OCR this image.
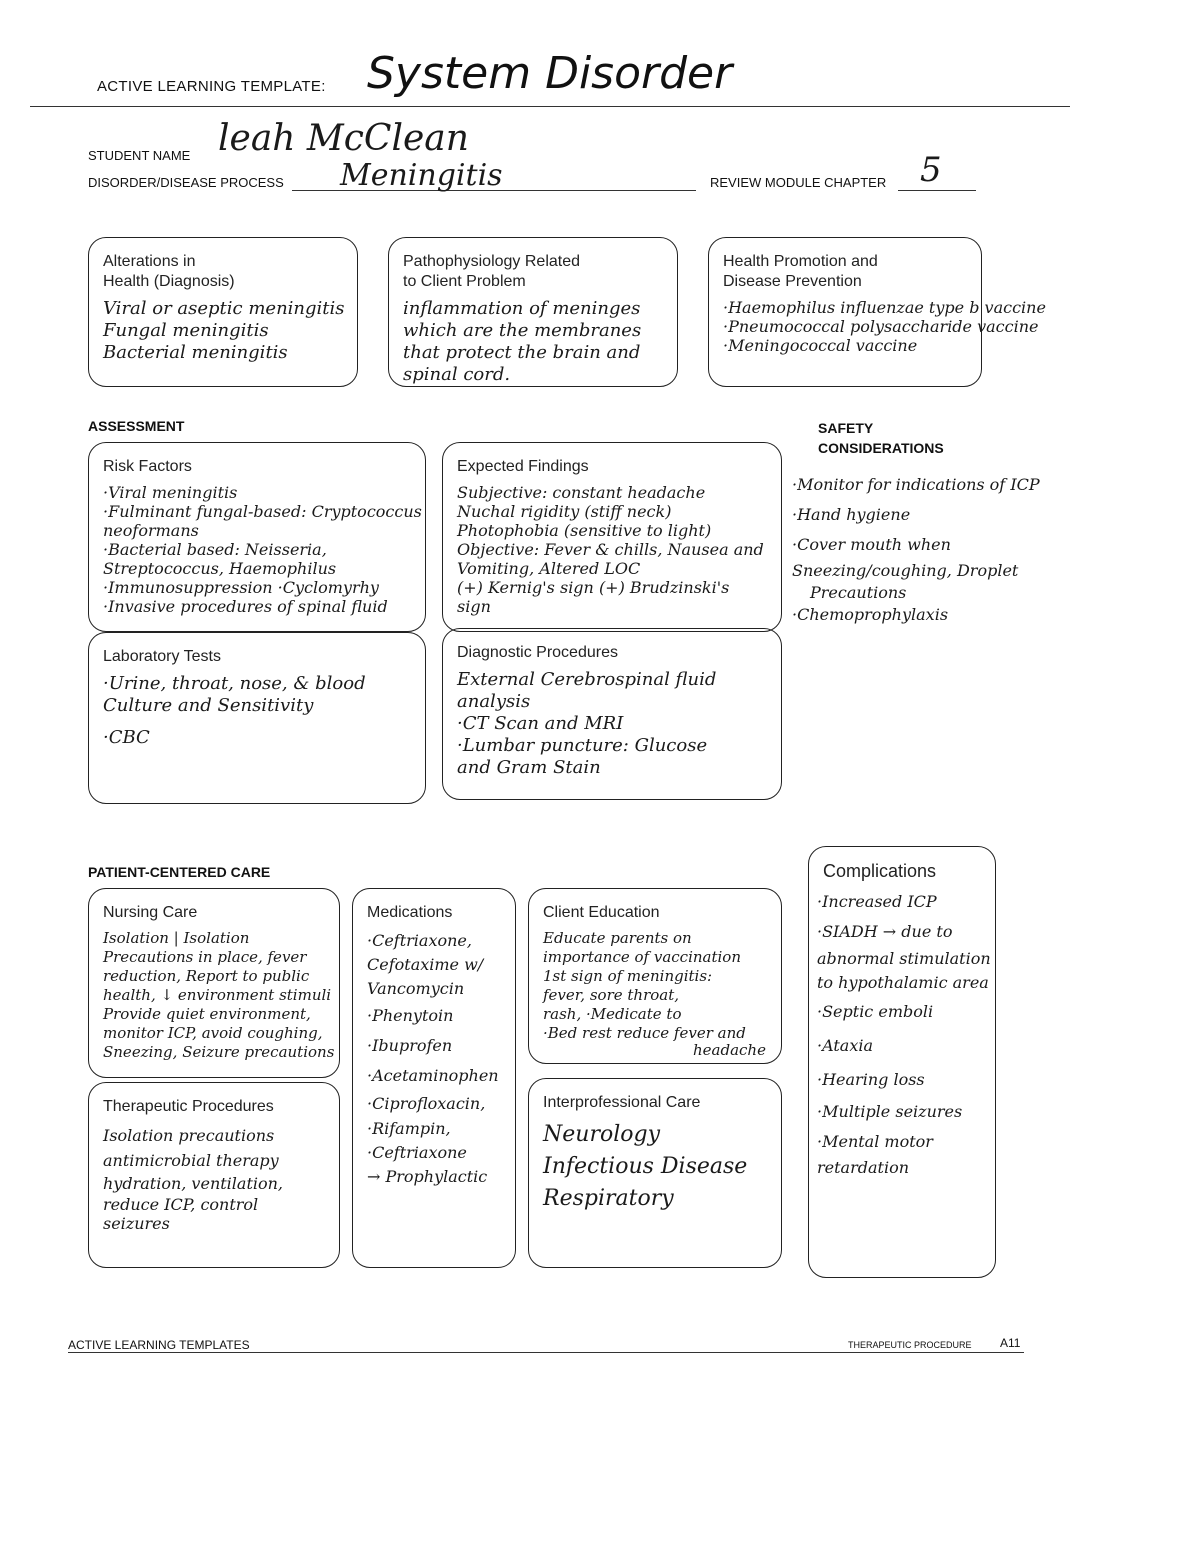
ACTIVE LEARNING TEMPLATE: System Disorder
STUDENT NAME leah McClean
DISORDER/DISEASE PROCESS Meningitis	REVIEW MODULE CHAPTER 5
Alterations in
Health (Diagnosis)
Viral or aseptic meningitis
Fungal meningitis
Bacterial meningitis
Pathophysiology Related
to Client Problem
inflammation of meninges
which are the membranes
that protect the brain and
spinal cord.
Health Promotion and
Disease Prevention
·Haemophilus influenzae type b vaccine
·Pneumococcal polysaccharide vaccine
·Meningococcal vaccine
ASSESSMENT
Risk Factors
·Viral meningitis
·Fulminant fungal-based: Cryptococcus
neoformans
·Bacterial based: Neisseria,
Streptococcus, Haemophilus
·Immunosuppression ·Cyclomyrhy
·Invasive procedures of spinal fluid
Expected Findings
Subjective: constant headache
Nuchal rigidity (stiff neck)
Photophobia (sensitive to light)
Objective: Fever & chills, Nausea and
Vomiting, Altered LOC
(+) Kernig's sign (+) Brudzinski's
sign
Laboratory Tests
·Urine, throat, nose, & blood
Culture and Sensitivity
·CBC
Diagnostic Procedures
External Cerebrospinal fluid
analysis
·CT Scan and MRI
·Lumbar puncture: Glucose
and Gram Stain
SAFETY
CONSIDERATIONS
·Monitor for indications of ICP
·Hand hygiene
·Cover mouth when
Sneezing/coughing, Droplet
Precautions
·Chemoprophylaxis
PATIENT-CENTERED CARE
Nursing Care
Isolation | Isolation
Precautions in place, fever
reduction, Report to public
health, ↓ environment stimuli
Provide quiet environment,
monitor ICP, avoid coughing,
Sneezing, Seizure precautions
Medications
·Ceftriaxone,
Cefotaxime w/
Vancomycin
·Phenytoin
·Ibuprofen
·Acetaminophen
·Ciprofloxacin,
·Rifampin,
·Ceftriaxone
→ Prophylactic
Client Education
Educate parents on
importance of vaccination
1st sign of meningitis:
fever, sore throat,
rash, ·Medicate to
·Bed rest reduce fever and
headache
Therapeutic Procedures
Isolation precautions
antimicrobial therapy
hydration, ventilation,
reduce ICP, control
seizures
Interprofessional Care
Neurology
Infectious Disease
Respiratory
Complications
·Increased ICP
·SIADH → due to
abnormal stimulation
to hypothalamic area
·Septic emboli
·Ataxia
·Hearing loss
·Multiple seizures
·Mental motor
retardation
ACTIVE LEARNING TEMPLATES	THERAPEUTIC PROCEDURE A11
